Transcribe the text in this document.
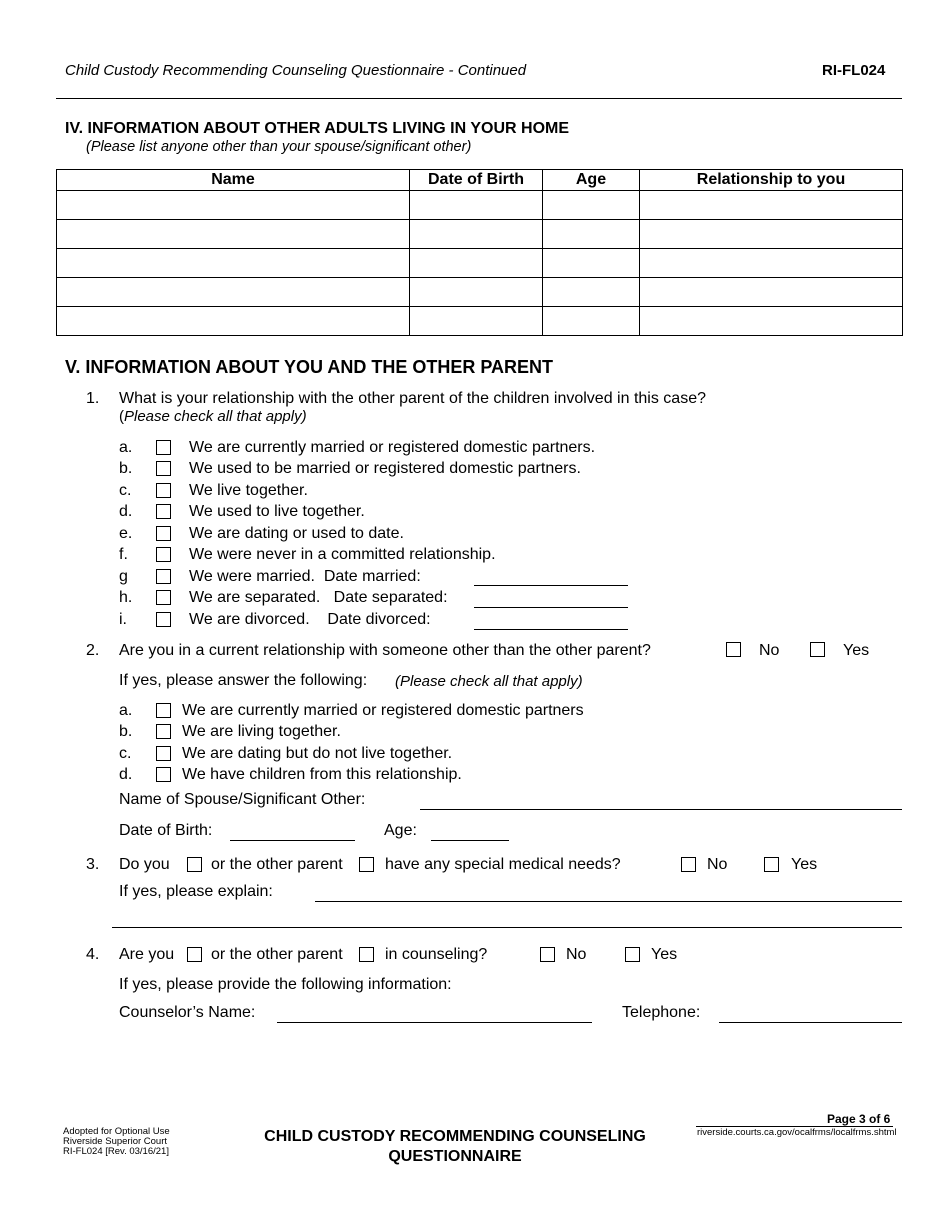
Child Custody Recommending Counseling Questionnaire - Continued	RI-FL024
IV. INFORMATION ABOUT OTHER ADULTS LIVING IN YOUR HOME
(Please list anyone other than your spouse/significant other)
Name	Date of Birth	Age	Relationship to you

V. INFORMATION ABOUT YOU AND THE OTHER PARENT
1. What is your relationship with the other parent of the children involved in this case?
(Please check all that apply)
a.	We are currently married or registered domestic partners.
b.	We used to be married or registered domestic partners.
c.	We live together.
d.	We used to live together.
e.	We are dating or used to date.
f.	We were never in a committed relationship.
g	We were married.  Date married:
h.	We are separated.   Date separated:
i.	We are divorced.    Date divorced:
2. Are you in a current relationship with someone other than the other parent?	No	Yes
If yes, please answer the following: (Please check all that apply)
a.	We are currently married or registered domestic partners
b.	We are living together.
c.	We are dating but do not live together.
d.	We have children from this relationship.
Name of Spouse/Significant Other:
Date of Birth:	Age:
3. Do you	or the other parent	have any special medical needs?	No	Yes
If yes, please explain:
4. Are you or the other parent	in counseling?	No	Yes
If yes, please provide the following information:
Counselor’s Name:	Telephone:
Adopted for Optional Use
Riverside Superior Court
RI-FL024 [Rev. 03/16/21]
CHILD CUSTODY RECOMMENDING COUNSELING
QUESTIONNAIRE
Page 3 of 6
riverside.courts.ca.gov/ocalfrms/localfrms.shtml
